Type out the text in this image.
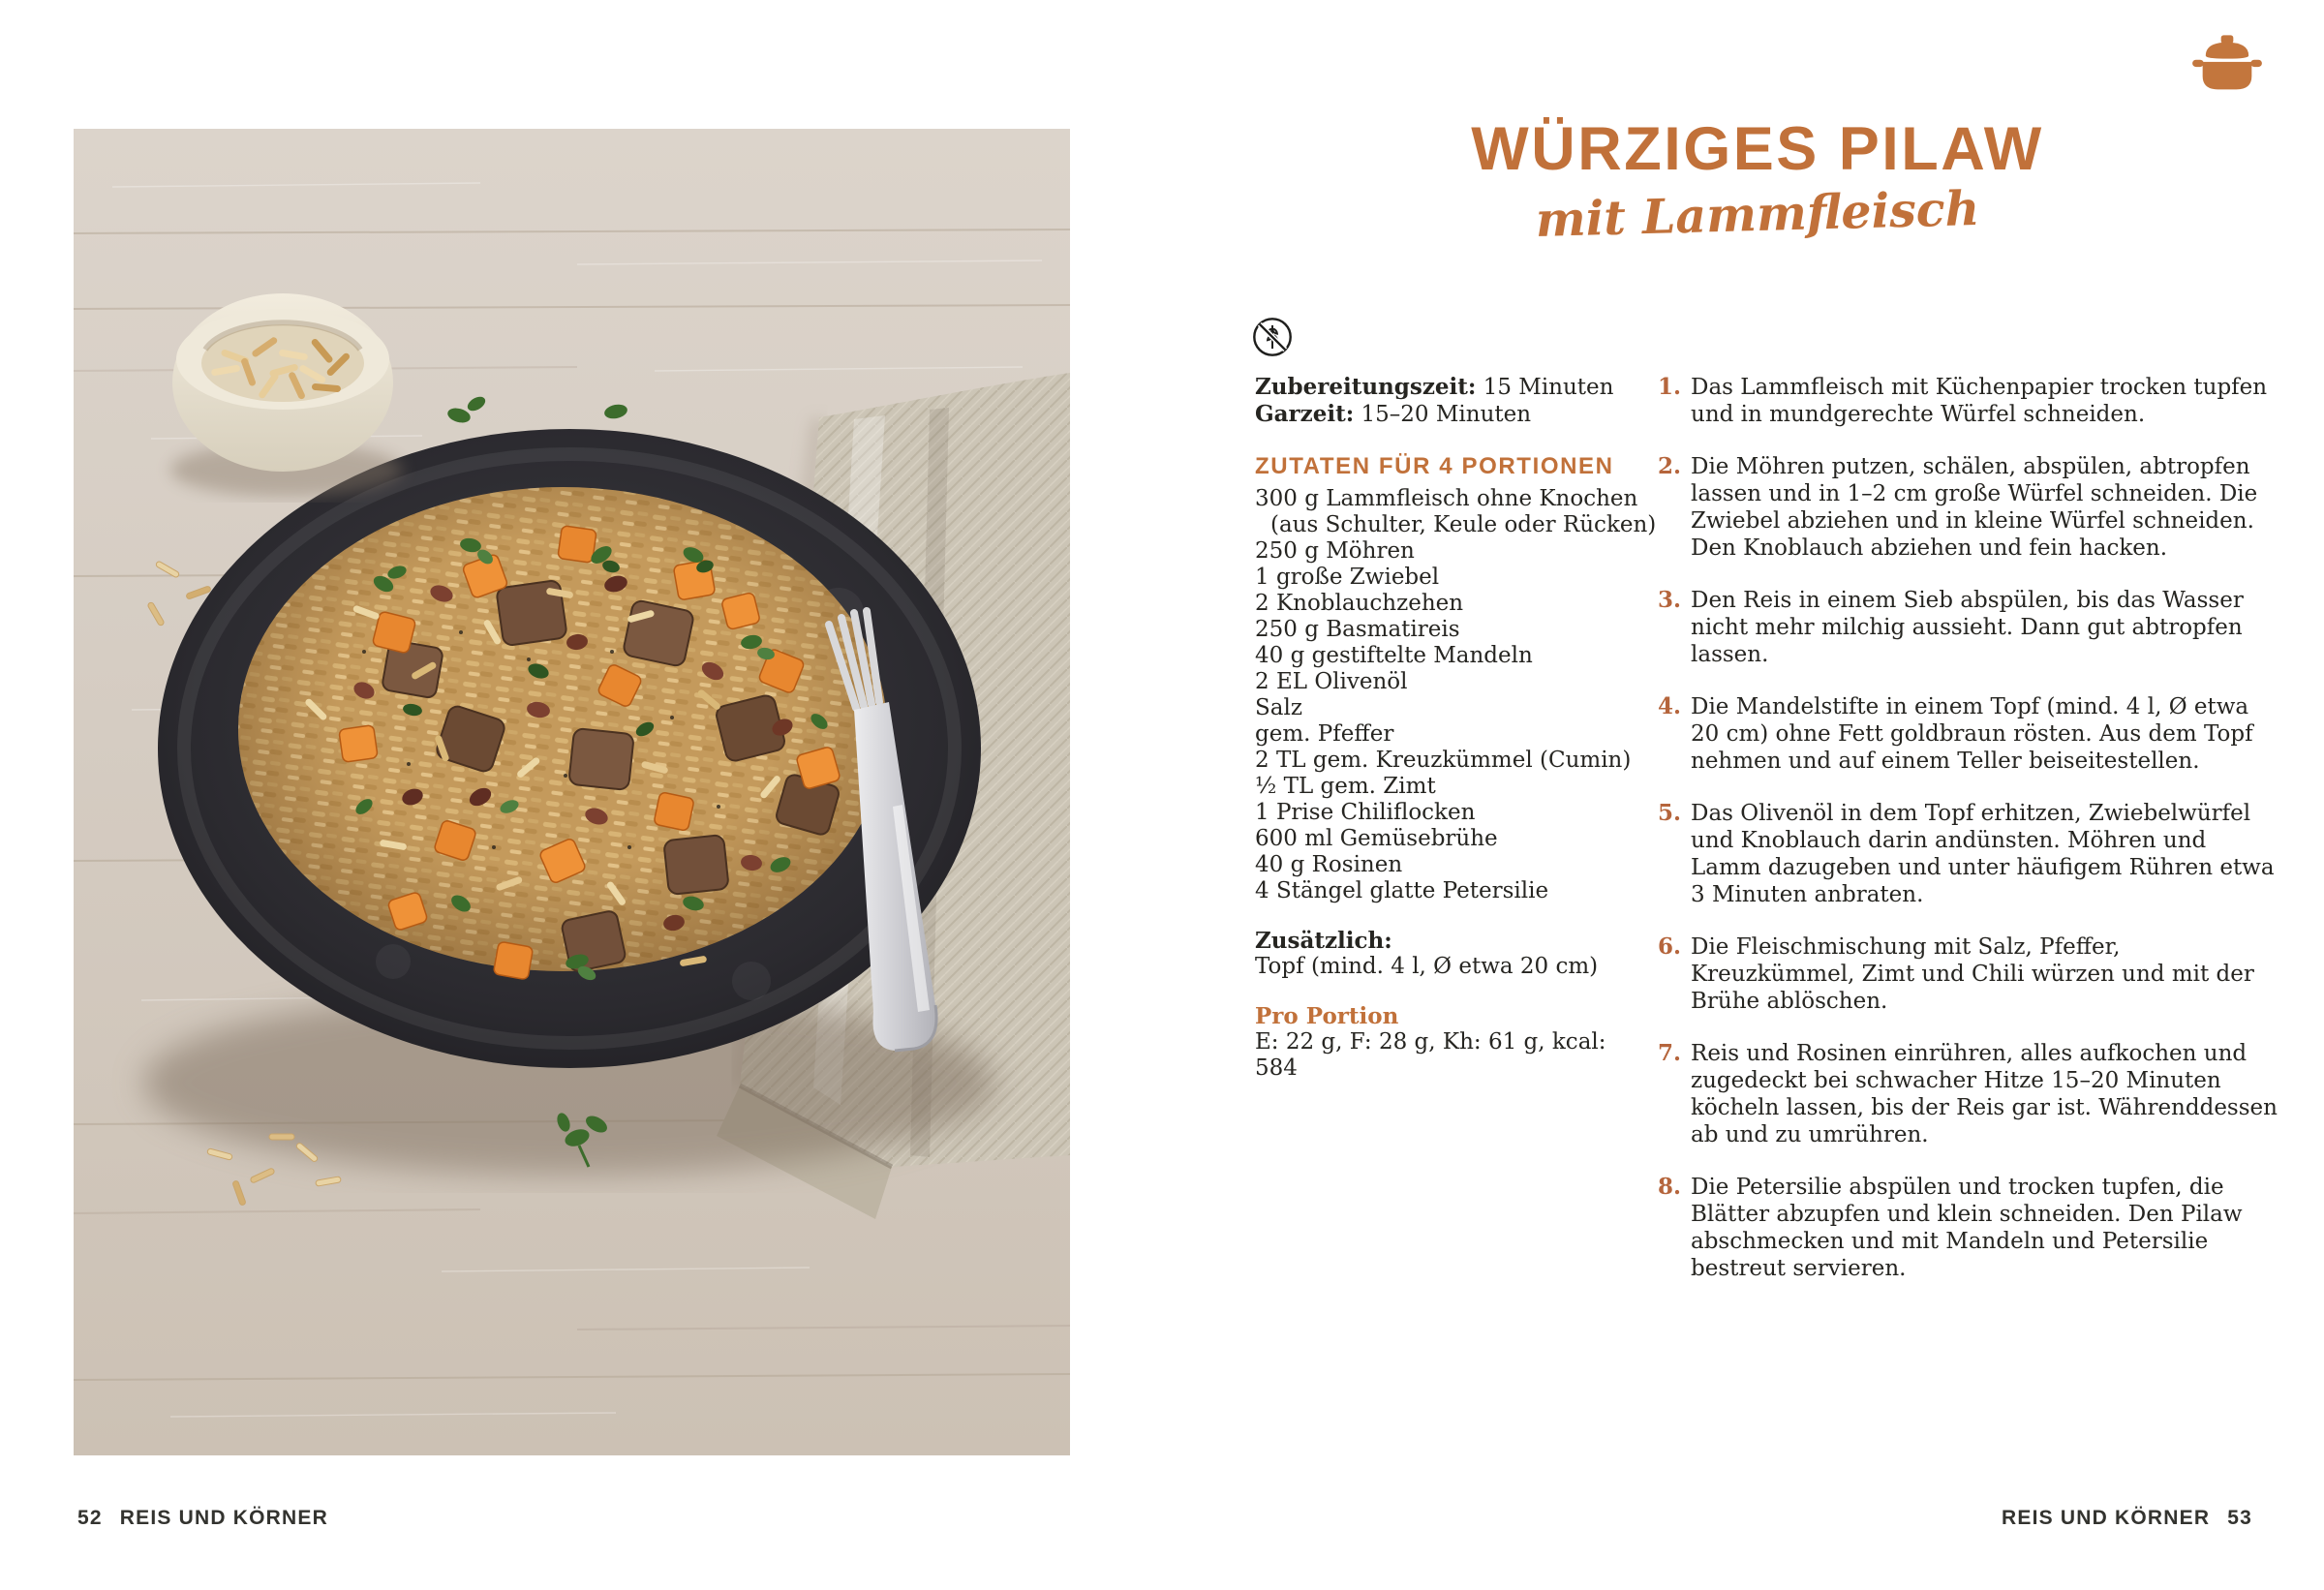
WÜRZIGES PILAW
mit Lammfleisch
Zubereitungszeit: 15 Minuten
Garzeit: 15–20 Minuten
ZUTATEN FÜR 4 PORTIONEN
300 g Lammfleisch ohne Knochen
(aus Schulter, Keule oder Rücken)
250 g Möhren
1 große Zwiebel
2 Knoblauchzehen
250 g Basmatireis
40 g gestiftelte Mandeln
2 EL Olivenöl
Salz
gem. Pfeffer
2 TL gem. Kreuzkümmel (Cumin)
½ TL gem. Zimt
1 Prise Chiliflocken
600 ml Gemüsebrühe
40 g Rosinen
4 Stängel glatte Petersilie
Zusätzlich:
Topf (mind. 4 l, Ø etwa 20 cm)
Pro Portion
E: 22 g, F: 28 g, Kh: 61 g, kcal: 584
1. Das Lammfleisch mit Küchenpapier trocken tupfen und in mundgerechte Würfel schneiden.
2. Die Möhren putzen, schälen, abspülen, abtropfen lassen und in 1–2 cm große Würfel schneiden. Die Zwiebel abziehen und in kleine Würfel schneiden. Den Knoblauch abziehen und fein hacken.
3. Den Reis in einem Sieb abspülen, bis das Wasser nicht mehr milchig aussieht. Dann gut abtropfen lassen.
4. Die Mandelstifte in einem Topf (mind. 4 l, Ø etwa 20 cm) ohne Fett goldbraun rösten. Aus dem Topf nehmen und auf einem Teller beiseitestellen.
5. Das Olivenöl in dem Topf erhitzen, Zwiebelwürfel und Knoblauch darin andünsten. Möhren und Lamm dazugeben und unter häufigem Rühren etwa 3 Minuten anbraten.
6. Die Fleischmischung mit Salz, Pfeffer, Kreuzkümmel, Zimt und Chili würzen und mit der Brühe ablöschen.
7. Reis und Rosinen einrühren, alles aufkochen und zugedeckt bei schwacher Hitze 15–20 Minuten köcheln lassen, bis der Reis gar ist. Währenddessen ab und zu umrühren.
8. Die Petersilie abspülen und trocken tupfen, die Blätter abzupfen und klein schneiden. Den Pilaw abschmecken und mit Mandeln und Petersilie bestreut servieren.
52 REIS UND KÖRNER	REIS UND KÖRNER 53
